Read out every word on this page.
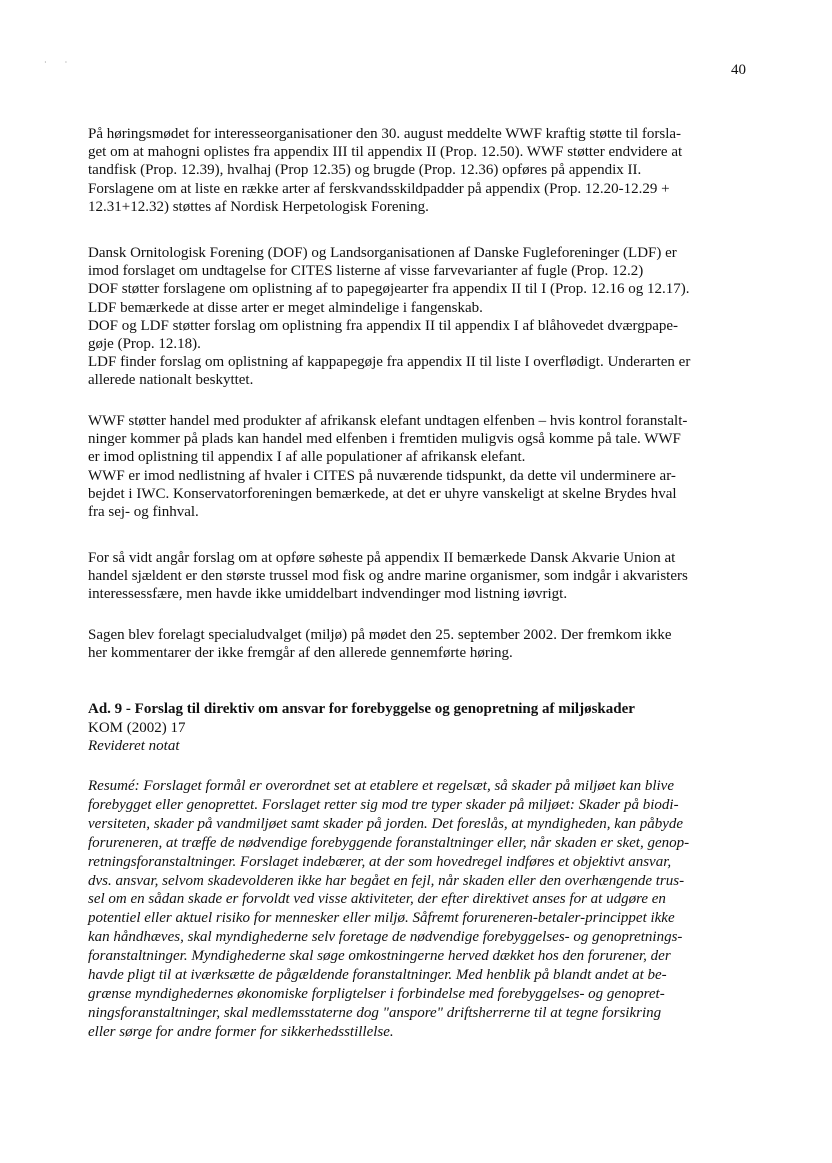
·         ·	40

På høringsmødet for interesseorganisationer den 30. august meddelte WWF kraftig støtte til forsla-

get om at mahogni oplistes fra appendix III til appendix II (Prop. 12.50). WWF støtter endvidere at

tandfisk (Prop. 12.39), hvalhaj (Prop 12.35) og brugde (Prop. 12.36) opføres på appendix II.

Forslagene om at liste en række arter af ferskvandsskildpadder på appendix (Prop. 12.20-12.29 +

12.31+12.32) støttes af Nordisk Herpetologisk Forening.

Dansk Ornitologisk Forening (DOF) og Landsorganisationen af Danske Fugleforeninger (LDF) er

imod forslaget om undtagelse for CITES listerne af visse farvevarianter af fugle (Prop. 12.2)

DOF støtter forslagene om oplistning af to papegøjearter fra appendix II til I (Prop. 12.16 og 12.17).

LDF bemærkede at disse arter er meget almindelige i fangenskab.

DOF og LDF støtter forslag om oplistning fra appendix II til appendix I af blåhovedet dværgpape-

gøje (Prop. 12.18).

LDF finder forslag om oplistning af kappapegøje fra appendix II til liste I overflødigt. Underarten er

allerede nationalt beskyttet.

WWF støtter handel med produkter af afrikansk elefant undtagen elfenben – hvis kontrol foranstalt-

ninger kommer på plads kan handel med elfenben i fremtiden muligvis også komme på tale. WWF

er imod oplistning til appendix I af alle populationer af afrikansk elefant.

WWF er imod nedlistning af hvaler i CITES på nuværende tidspunkt, da dette vil underminere ar-

bejdet i IWC. Konservatorforeningen bemærkede, at det er uhyre vanskeligt at skelne Brydes hval

fra sej- og finhval.

For så vidt angår forslag om at opføre søheste på appendix II bemærkede Dansk Akvarie Union at

handel sjældent er den største trussel mod fisk og andre marine organismer, som indgår i akvaristers

interessessfære, men havde ikke umiddelbart indvendinger mod listning iøvrigt.

Sagen blev forelagt specialudvalget (miljø) på mødet den 25. september 2002. Der fremkom ikke

her kommentarer der ikke fremgår af den allerede gennemførte høring.

Ad. 9 - Forslag til direktiv om ansvar for forebyggelse og genopretning af miljøskader
KOM (2002) 17
Revideret notat
Resumé: Forslaget formål er overordnet set at etablere et regelsæt, så skader på miljøet kan blive
forebygget eller genoprettet. Forslaget retter sig mod tre typer skader på miljøet: Skader på biodi-
versiteten, skader på vandmiljøet samt skader på jorden. Det foreslås, at myndigheden, kan påbyde
forureneren, at træffe de nødvendige forebyggende foranstaltninger eller, når skaden er sket, genop-
retningsforanstaltninger. Forslaget indebærer, at der som hovedregel indføres et objektivt ansvar,
dvs. ansvar, selvom skadevolderen ikke har begået en fejl, når skaden eller den overhængende trus-
sel om en sådan skade er forvoldt ved visse aktiviteter, der efter direktivet anses for at udgøre en
potentiel eller aktuel risiko for mennesker eller miljø. Såfremt forureneren-betaler-princippet ikke
kan håndhæves, skal myndighederne selv foretage de nødvendige forebyggelses- og genopretnings-
foranstaltninger. Myndighederne skal søge omkostningerne herved dækket hos den forurener, der
havde pligt til at iværksætte de pågældende foranstaltninger. Med henblik på blandt andet at be-
grænse myndighedernes økonomiske forpligtelser i forbindelse med forebyggelses- og genopret-
ningsforanstaltninger, skal medlemsstaterne dog "anspore" driftsherrerne til at tegne forsikring
eller sørge for andre former for sikkerhedsstillelse.
